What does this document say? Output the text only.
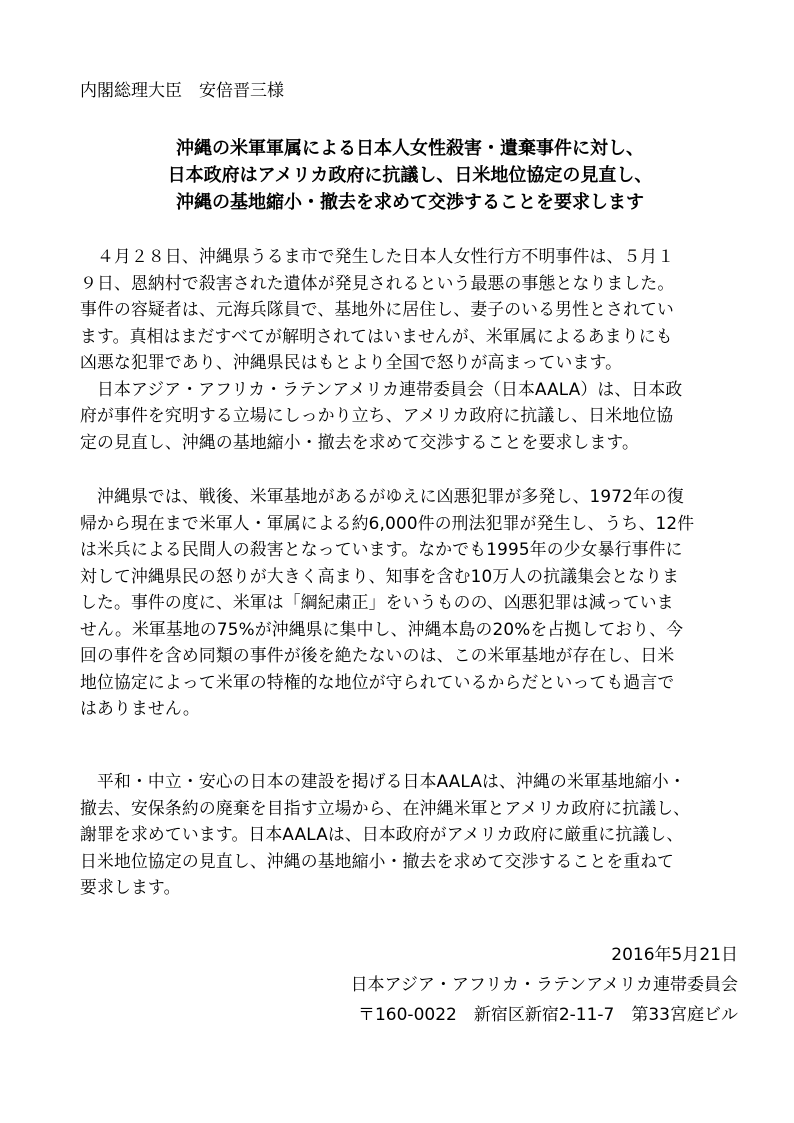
内閣総理大臣　安倍晋三様
沖縄の米軍軍属による日本人女性殺害・遺棄事件に対し、
日本政府はアメリカ政府に抗議し、日米地位協定の見直し、
沖縄の基地縮小・撤去を求めて交渉することを要求します

　４月２８日、沖縄県うるま市で発生した日本人女性行方不明事件は、５月１

９日、恩納村で殺害された遺体が発見されるという最悪の事態となりました。

事件の容疑者は、元海兵隊員で、基地外に居住し、妻子のいる男性とされてい

ます。真相はまだすべてが解明されてはいませんが、米軍属によるあまりにも

凶悪な犯罪であり、沖縄県民はもとより全国で怒りが高まっています。

　日本アジア・アフリカ・ラテンアメリカ連帯委員会（日本AALA）は、日本政

府が事件を究明する立場にしっかり立ち、アメリカ政府に抗議し、日米地位協

定の見直し、沖縄の基地縮小・撤去を求めて交渉することを要求します。

　沖縄県では、戦後、米軍基地があるがゆえに凶悪犯罪が多発し、1972年の復

帰から現在まで米軍人・軍属による約6,000件の刑法犯罪が発生し、うち、12件

は米兵による民間人の殺害となっています。なかでも1995年の少女暴行事件に

対して沖縄県民の怒りが大きく高まり、知事を含む10万人の抗議集会となりま

した。事件の度に、米軍は「綱紀粛正」をいうものの、凶悪犯罪は減っていま

せん。米軍基地の75%が沖縄県に集中し、沖縄本島の20%を占拠しており、今

回の事件を含め同類の事件が後を絶たないのは、この米軍基地が存在し、日米

地位協定によって米軍の特権的な地位が守られているからだといっても過言で

はありません。

　平和・中立・安心の日本の建設を掲げる日本AALAは、沖縄の米軍基地縮小・

撤去、安保条約の廃棄を目指す立場から、在沖縄米軍とアメリカ政府に抗議し、

謝罪を求めています。日本AALAは、日本政府がアメリカ政府に厳重に抗議し、

日米地位協定の見直し、沖縄の基地縮小・撤去を求めて交渉することを重ねて

要求します。

2016年5月21日
日本アジア・アフリカ・ラテンアメリカ連帯委員会
〒160-0022　新宿区新宿2-11-7　第33宮庭ビル
